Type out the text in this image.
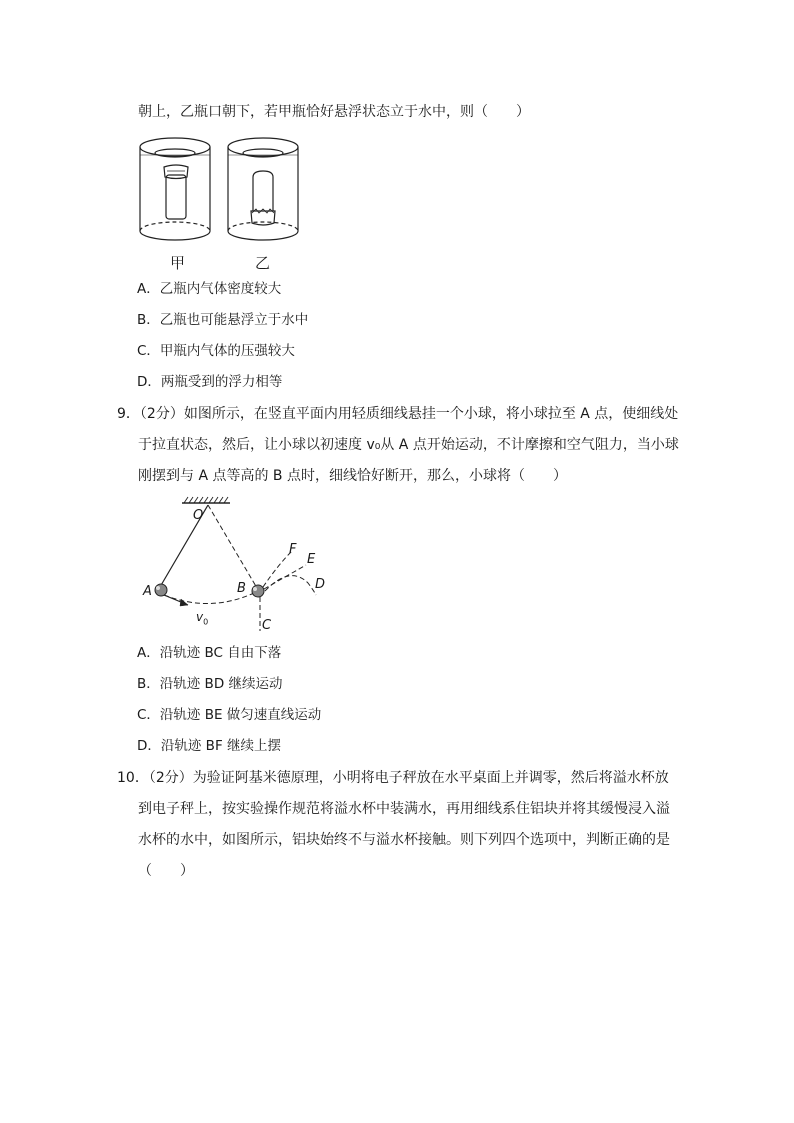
朝上，乙瓶口朝下，若甲瓶恰好悬浮状态立于水中，则（　　）
甲	乙
A．乙瓶内气体密度较大
B．乙瓶也可能悬浮立于水中
C．甲瓶内气体的压强较大
D．两瓶受到的浮力相等
9．（2分）如图所示，在竖直平面内用轻质细线悬挂一个小球，将小球拉至 A 点，使细线处
于拉直状态，然后，让小球以初速度 v₀从 A 点开始运动，不计摩擦和空气阻力，当小球
刚摆到与 A 点等高的 B 点时，细线恰好断开，那么，小球将（　　）
O
A	B
C
D
E
F
$v_0$
A．沿轨迹 BC 自由下落
B．沿轨迹 BD 继续运动
C．沿轨迹 BE 做匀速直线运动
D．沿轨迹 BF 继续上摆
10．（2分）为验证阿基米德原理，小明将电子秤放在水平桌面上并调零，然后将溢水杯放
到电子秤上，按实验操作规范将溢水杯中装满水，再用细线系住铝块并将其缓慢浸入溢
水杯的水中，如图所示，铝块始终不与溢水杯接触。则下列四个选项中，判断正确的是
（　　）
